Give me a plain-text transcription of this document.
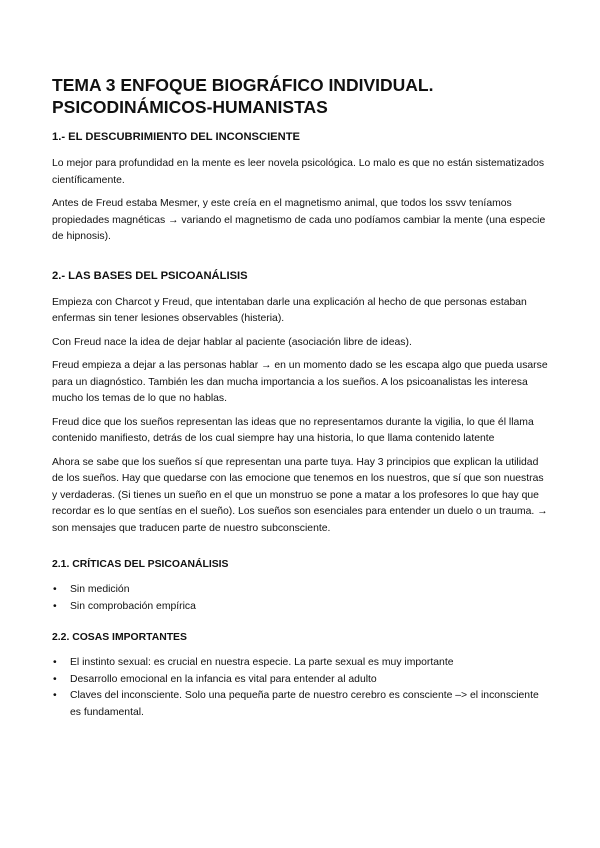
TEMA 3 ENFOQUE BIOGRÁFICO INDIVIDUAL.
PSICODINÁMICOS-HUMANISTAS
1.- EL DESCUBRIMIENTO DEL INCONSCIENTE

Lo mejor para profundidad en la mente es leer novela psicológica. Lo malo es que no están sistematizados científicamente.

Antes de Freud estaba Mesmer, y este creía en el magnetismo animal, que todos los ssvv teníamos propiedades magnéticas → variando el magnetismo de cada uno podíamos cambiar la mente (una especie de hipnosis).

2.- LAS BASES DEL PSICOANÁLISIS

Empieza con Charcot y Freud, que intentaban darle una explicación al hecho de que personas estaban enfermas sin tener lesiones observables (histeria).

Con Freud nace la idea de dejar hablar al paciente (asociación libre de ideas).

Freud empieza a dejar a las personas hablar → en un momento dado se les escapa algo que pueda usarse para un diagnóstico. También les dan mucha importancia a los sueños. A los psicoanalistas les interesa mucho los temas de lo que no hablas.

Freud dice que los sueños representan las ideas que no representamos durante la vigilia, lo que él llama contenido manifiesto, detrás de los cual siempre hay una historia, lo que llama contenido latente

Ahora se sabe que los sueños sí que representan una parte tuya. Hay 3 principios que explican la utilidad de los sueños. Hay que quedarse con las emocione que tenemos en los nuestros, que sí que son nuestras y verdaderas. (Si tienes un sueño en el que un monstruo se pone a matar a los profesores lo que hay que recordar es lo que sentías en el sueño). Los sueños son esenciales para entender un duelo o un trauma. → son mensajes que traducen parte de nuestro subconsciente.

2.1. CRÍTICAS DEL PSICOANÁLISIS
• Sin medición
• Sin comprobación empírica
2.2. COSAS IMPORTANTES
• El instinto sexual: es crucial en nuestra especie. La parte sexual es muy importante
• Desarrollo emocional en la infancia es vital para entender al adulto
• Claves del inconsciente. Solo una pequeña parte de nuestro cerebro es consciente –> el inconsciente es fundamental.
